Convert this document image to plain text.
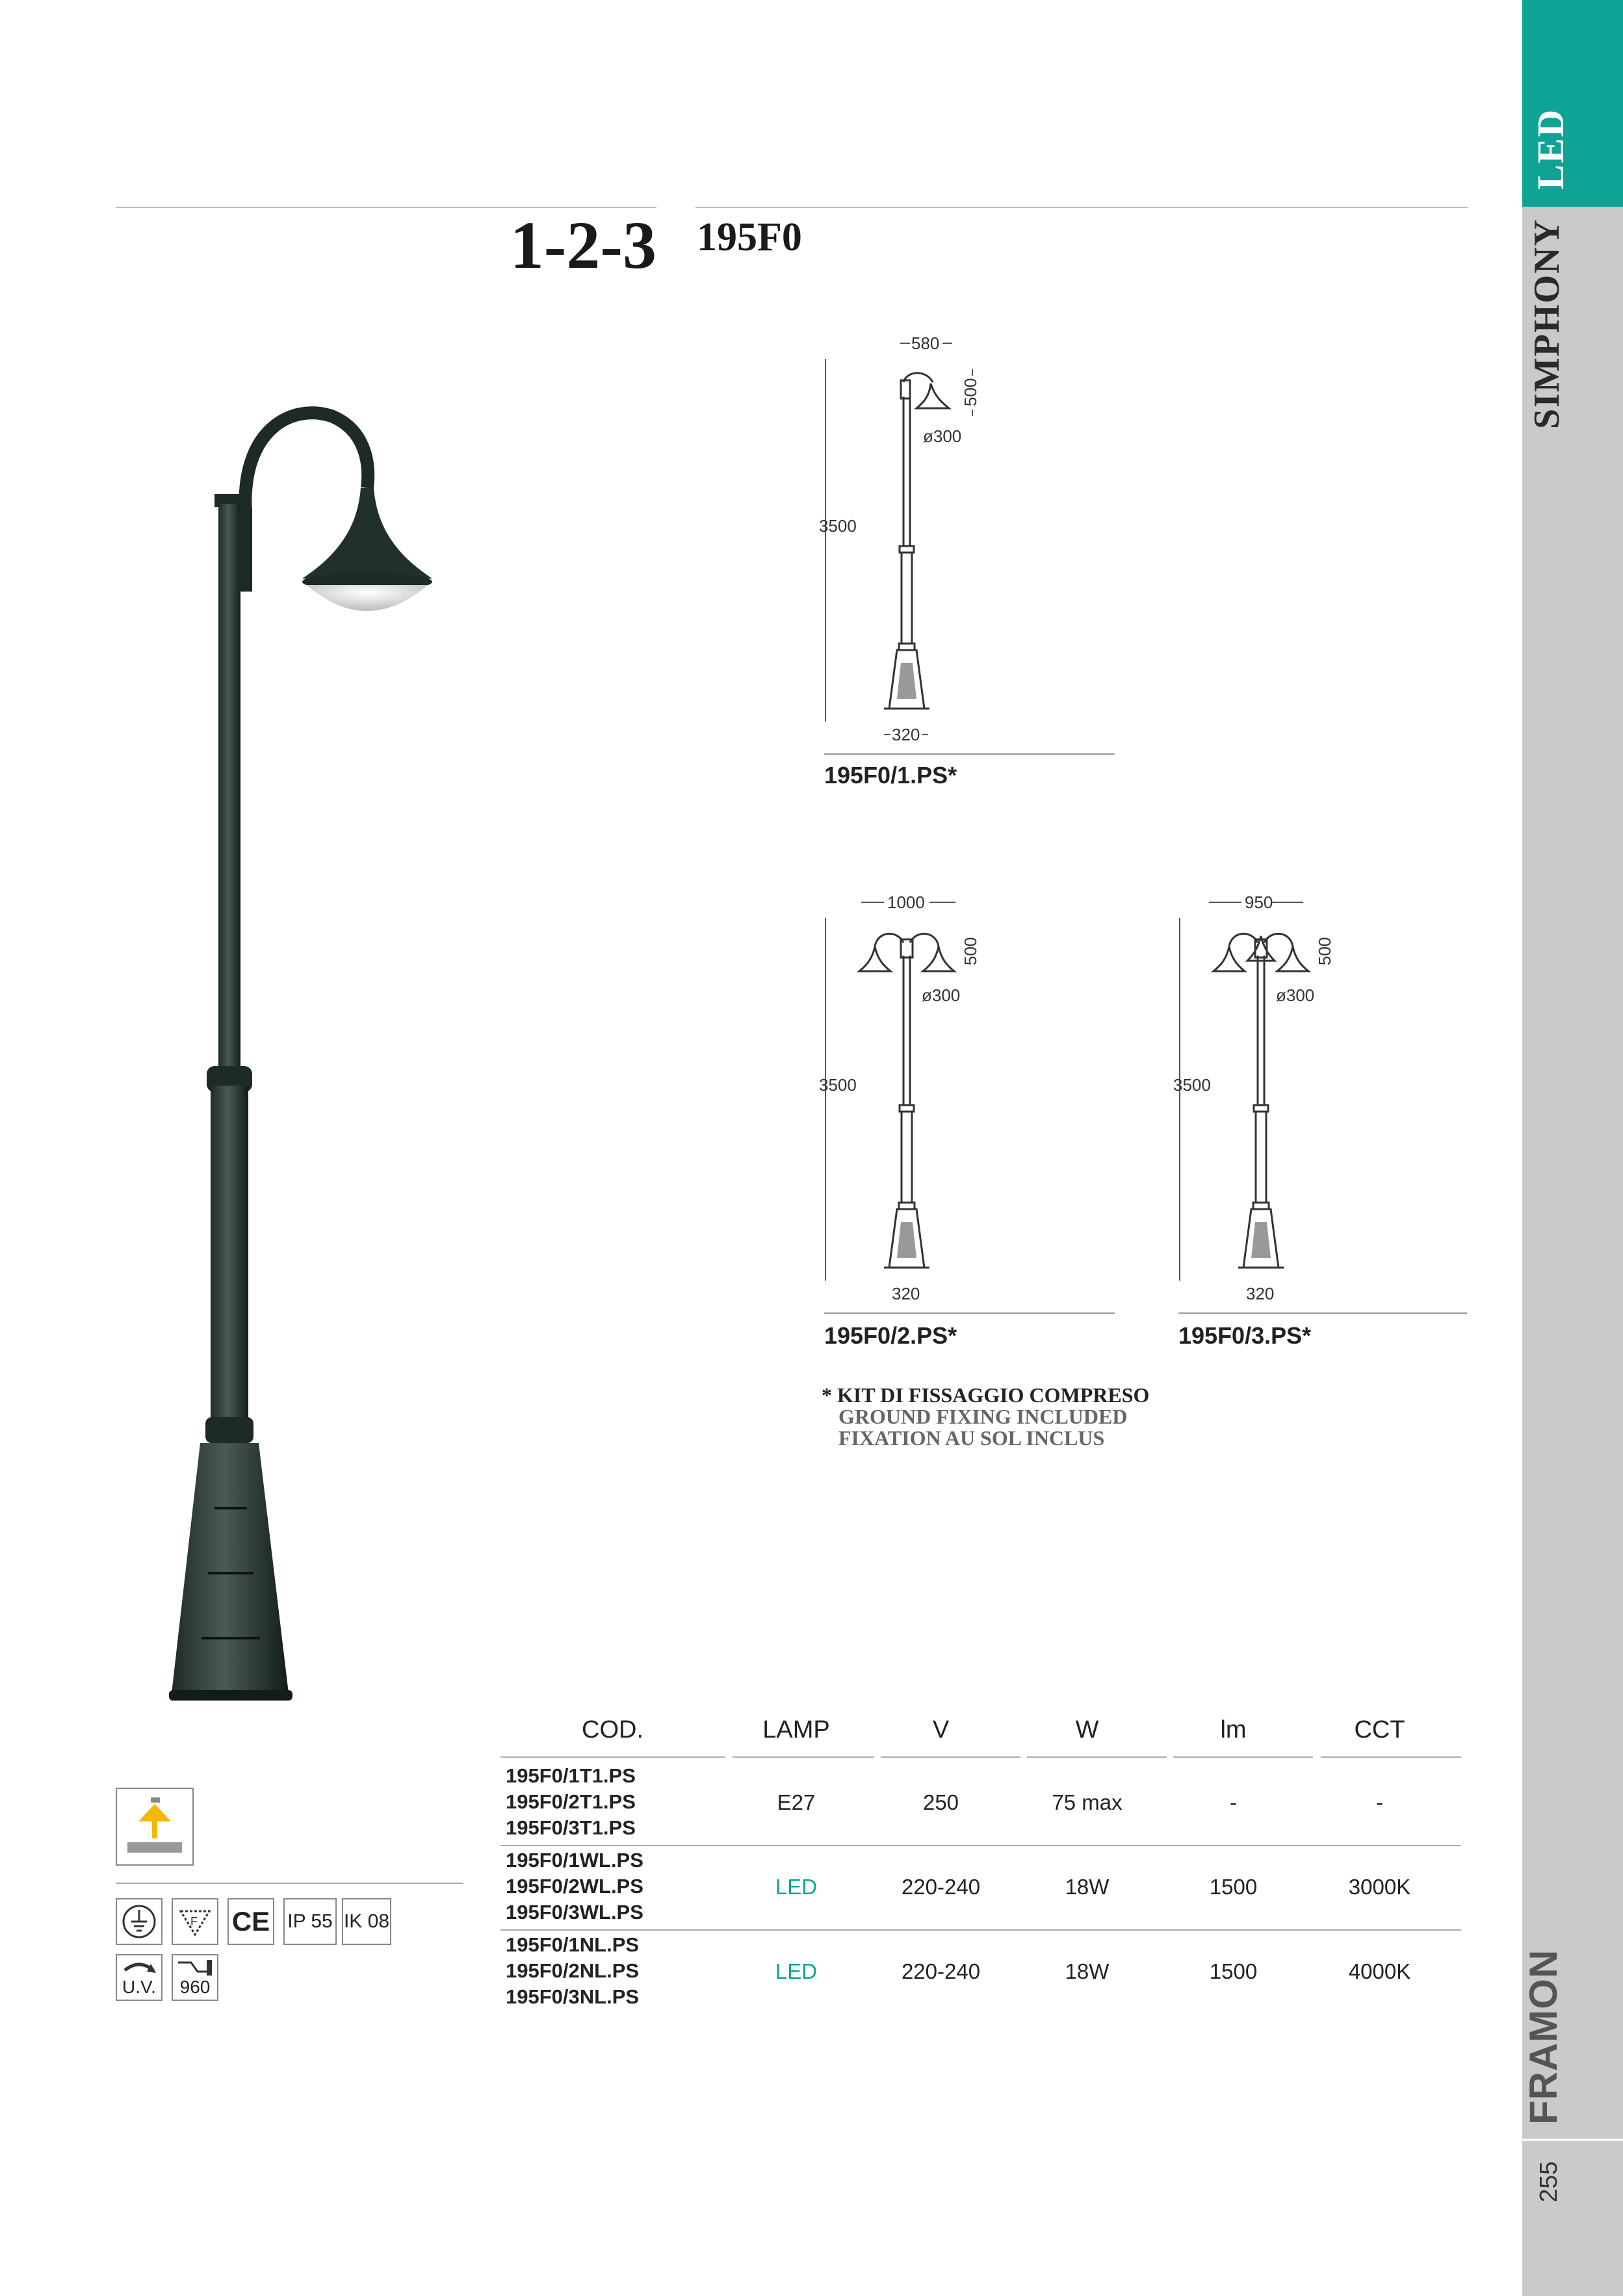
LED
SIMPHONY
FRAMON
255
1-2-3 195F0
580
500
ø300
3500
320
195F0/1.PS*
1000
500
ø300
3500
320
195F0/2.PS*
950
500
ø300
3500
320
195F0/3.PS*
* KIT DI FISSAGGIO COMPRESO
GROUND FIXING INCLUDED
FIXATION AU SOL INCLUS
COD.	LAMP	V	W	lm	CCT
195F0/1T1.PS
195F0/2T1.PS
195F0/3T1.PS
E27	250	75 max	-	-
195F0/1WL.PS
195F0/2WL.PS
195F0/3WL.PS
LED	220-240	18W	1500	3000K
195F0/1NL.PS
195F0/2NL.PS
195F0/3NL.PS
LED	220-240	18W	1500	4000K
F CE IP 55 IK 08
U.V. 960
